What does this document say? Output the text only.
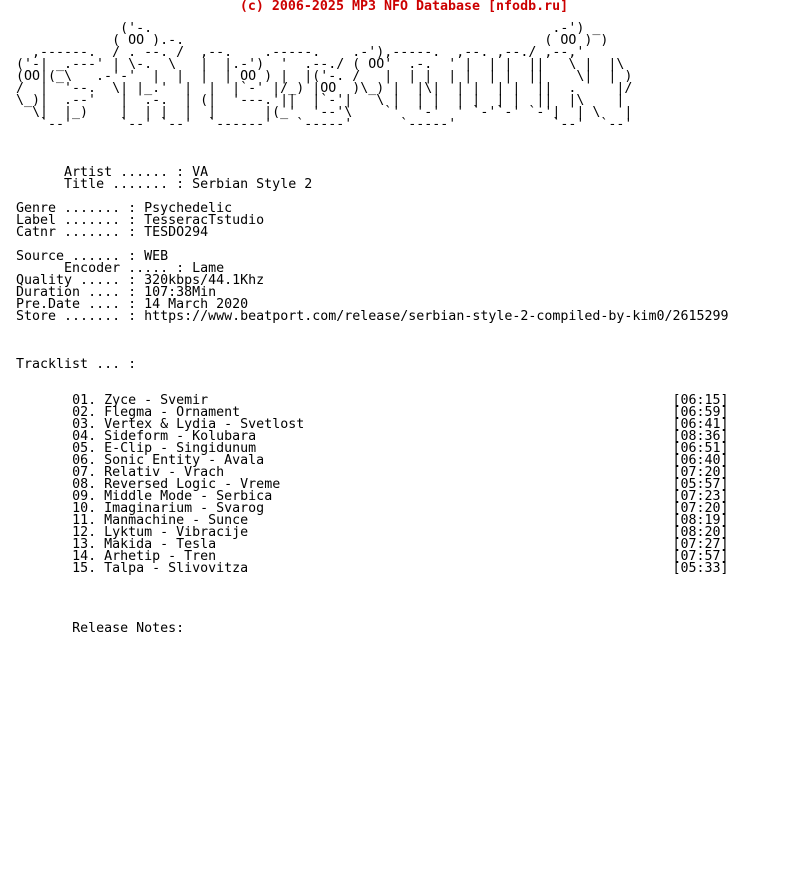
(c) 2006-2025 MP3 NFO Database [nfodb.ru]
('-.                                                  .-') _
( OO ).-.                                             ( OO ) )
,------.  / . --. /  ,--.    .-----.    .-'),-----.  ,--. ,--./ ,--,'
('-| _.---' | \-.  \   |  |.-')  '  .--./ ( OO'  .-.  ' |  | |  ||   \ |  |\
(OO|(_\   .-'-'  |  |  |  | OO ) |  |('-. /   |  | |  | |  | |  ||    \|  | )
/  |  '--.  \| |_.'  |  |  |`-' |/_) |OO  )\_) |  |\|  | |  | |  ||  .     |/
\_)|  .--'   |  .-.  | (|  '---.'||  |`-'|   \ |  | |  | |  | |  ||  |\    |
\|  |_)    |  | |  |  |      |(_'  '--'\    `'  '-'  ' `-'`-' `-'|  | \   |
`--'      `--' `--'  `------'   `-----'      `-----'            `--'  `--'
Artist ...... : VA
Title ....... : Serbian Style 2
Genre ....... : Psychedelic
Label ....... : TesseracTstudio
Catnr ....... : TESDO294
Source ...... : WEB
Encoder ..... : Lame
Quality ..... : 320kbps/44.1Khz
Duration .... : 107:38Min
Pre.Date .... : 14 March 2020
Store ....... : https://www.beatport.com/release/serbian-style-2-compiled-by-kim0/2615299
Tracklist ... :
01. Zyce - Svemir                                                          [06:15]
02. Flegma - Ornament                                                      [06:59]
03. Vertex & Lydia - Svetlost                                              [06:41]
04. Sideform - Kolubara                                                    [08:36]
05. E-Clip - Singidunum                                                    [06:51]
06. Sonic Entity - Avala                                                   [06:40]
07. Relativ - Vrach                                                        [07:20]
08. Reversed Logic - Vreme                                                 [05:57]
09. Middle Mode - Serbica                                                  [07:23]
10. Imaginarium - Svarog                                                   [07:20]
11. Manmachine - Sunce                                                     [08:19]
12. Lyktum - Vibracije                                                     [08:20]
13. Makida - Tesla                                                         [07:27]
14. Arhetip - Tren                                                         [07:57]
15. Talpa - Slivovitza                                                     [05:33]
Release Notes:
